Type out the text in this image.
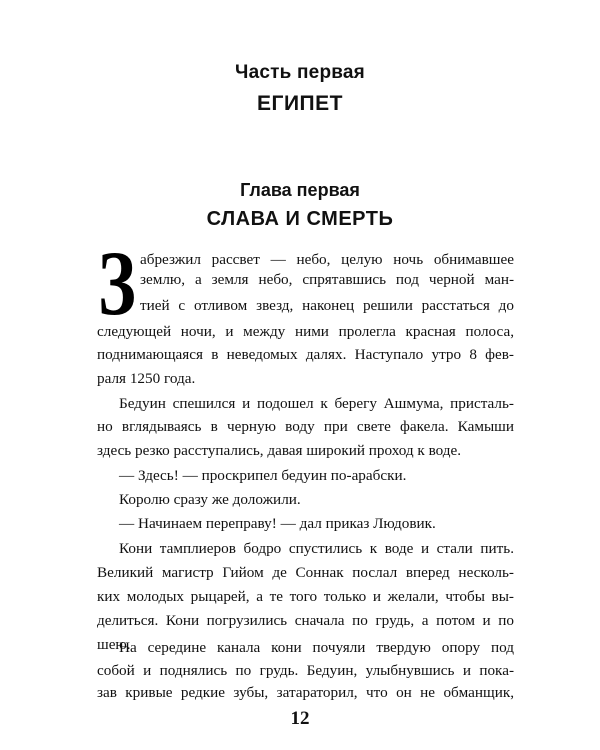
Часть первая
ЕГИПЕТ
Глава первая
СЛАВА И СМЕРТЬ
З абрезжил рассвет — небо, целую ночь обнимавшее
землю, а земля небо, спрятавшись под черной ман-
тией с отливом звезд, наконец решили расстаться до
следующей ночи, и между ними пролегла красная полоса,
поднимающаяся в неведомых далях. Наступало утро 8 фев-
раля 1250 года.
Бедуин спешился и подошел к берегу Ашмума, присталь-
но вглядываясь в черную воду при свете факела. Камыши
здесь резко расступались, давая широкий проход к воде.
— Здесь! — проскрипел бедуин по-арабски.
Королю сразу же доложили.
— Начинаем переправу! — дал приказ Людовик.
Кони тамплиеров бодро спустились к воде и стали пить.
Великий магистр Гийом де Соннак послал вперед несколь-
ких молодых рыцарей, а те того только и желали, чтобы вы-
делиться. Кони погрузились сначала по грудь, а потом и по
шею.
На середине канала кони почуяли твердую опору под
собой и поднялись по грудь. Бедуин, улыбнувшись и пока-
12
зав кривые редкие зубы, затараторил, что он не обманщик,
